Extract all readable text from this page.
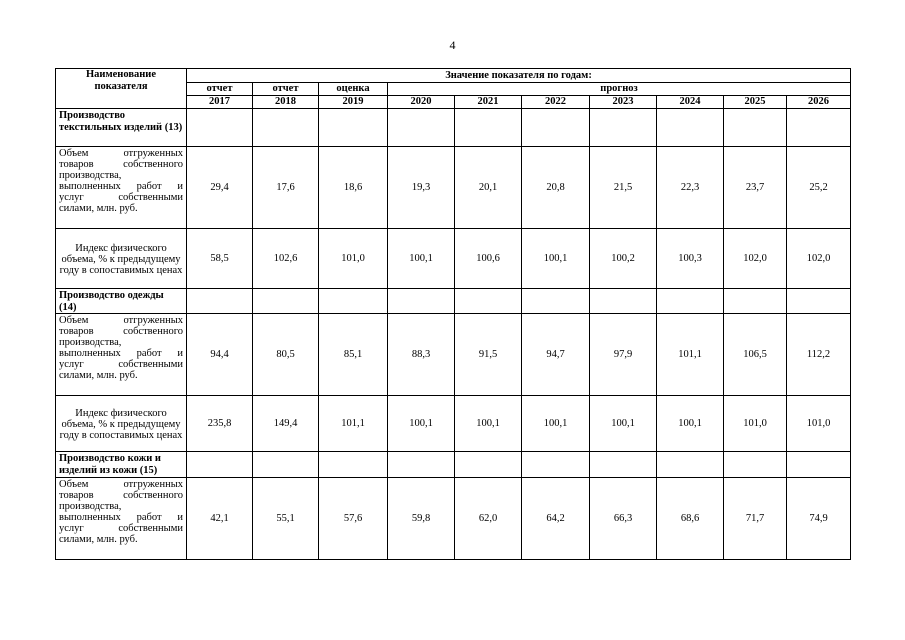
4
Наименование показателя	Значение показателя по годам:									
	отчет	отчет	оценка	прогноз						
	2017	2018	2019	2020	2021	2022	2023	2024	2025	2026
Производство текстильных изделий (13)										
Объем отгруженных товаров собственного производства, выполненных работ и услуг собственными силами, млн. руб.	29,4	17,6	18,6	19,3	20,1	20,8	21,5	22,3	23,7	25,2
Индекс физического объема, % к предыдущему году в сопоставимых ценах	58,5	102,6	101,0	100,1	100,6	100,1	100,2	100,3	102,0	102,0
Производство одежды (14)										
Объем отгруженных товаров собственного производства, выполненных работ и услуг собственными силами, млн. руб.	94,4	80,5	85,1	88,3	91,5	94,7	97,9	101,1	106,5	112,2
Индекс физического объема, % к предыдущему году в сопоставимых ценах	235,8	149,4	101,1	100,1	100,1	100,1	100,1	100,1	101,0	101,0
Производство кожи и изделий из кожи (15)										
Объем отгруженных товаров собственного производства, выполненных работ и услуг собственными силами, млн. руб.	42,1	55,1	57,6	59,8	62,0	64,2	66,3	68,6	71,7	74,9
